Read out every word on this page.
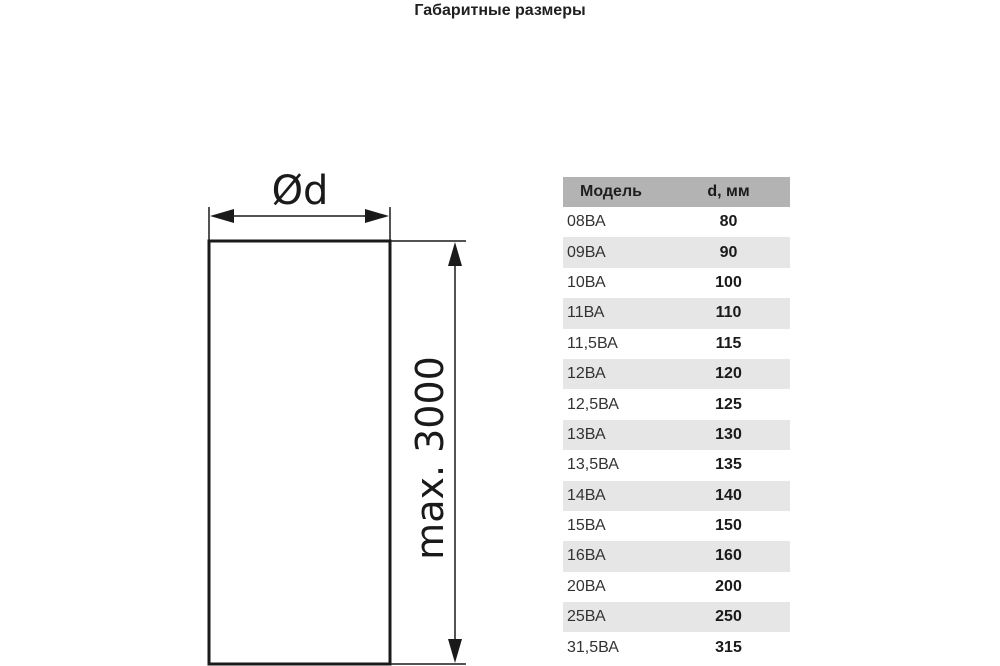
Габаритные размеры
Ød
max. 3000
Модель	d, мм
08ВА	80
09ВА	90
10ВА	100
11ВА	110
11,5ВА	115
12ВА	120
12,5ВА	125
13ВА	130
13,5ВА	135
14ВА	140
15ВА	150
16ВА	160
20ВА	200
25ВА	250
31,5ВА	315
